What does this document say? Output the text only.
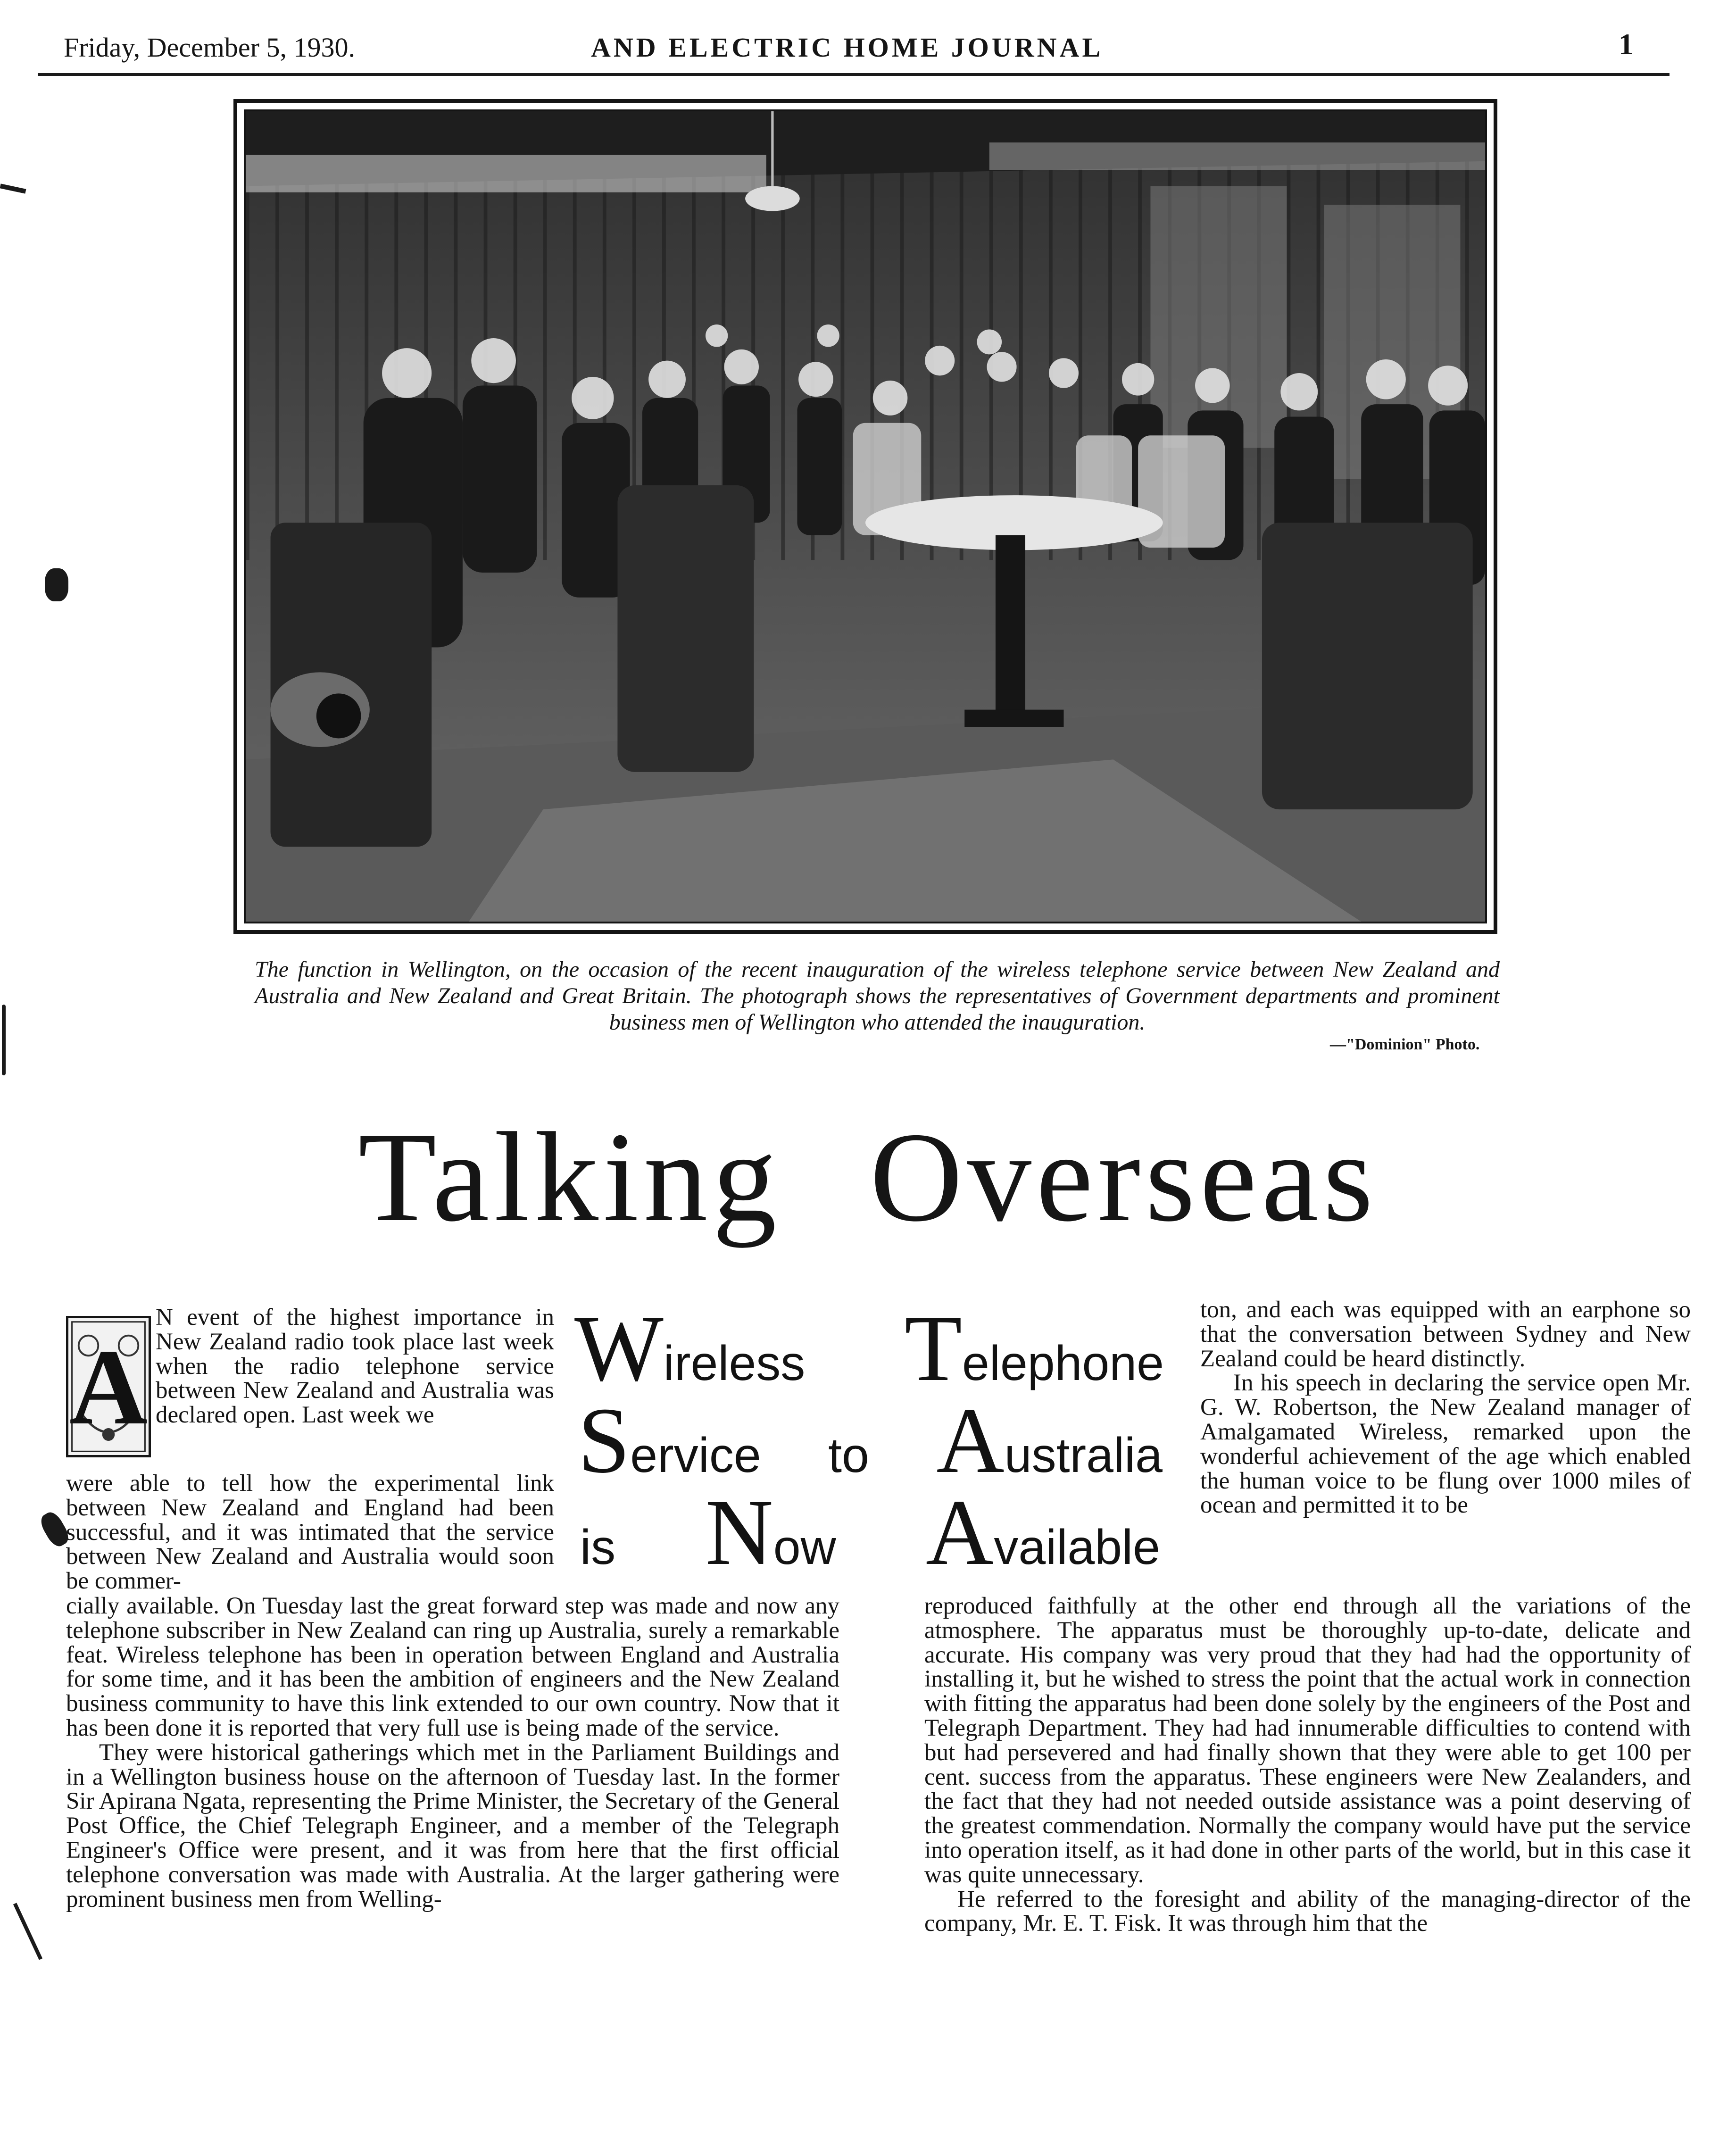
Friday, December 5, 1930.	AND ELECTRIC HOME JOURNAL	1
The function in Wellington, on the occasion of the recent inauguration of the wireless telephone service between New Zealand and Australia and New Zealand and Great Britain. The photograph shows the representatives of Government departments and prominent business men of Wellington who attended the inauguration.
—"Dominion" Photo.
Talking Overseas
Wireless Telephone
Service to Australia
is Now Available
A

N event of the highest importance in New Zealand radio took place last week when the radio telephone service between New Zealand and Australia was declared open. Last week we

were able to tell how the experimental link between New Zealand and England had been successful, and it was intimated that the service between New Zealand and Australia would soon be commer-

cially available. On Tuesday last the great forward step was made and now any telephone subscriber in New Zealand can ring up Australia, surely a remarkable feat. Wireless telephone has been in operation between England and Australia for some time, and it has been the ambition of engineers and the New Zealand business community to have this link extended to our own country. Now that it has been done it is reported that very full use is being made of the service.

They were historical gatherings which met in the Parliament Buildings and in a Wellington business house on the afternoon of Tuesday last. In the former Sir Apirana Ngata, representing the Prime Minister, the Secretary of the General Post Office, the Chief Telegraph Engineer, and a member of the Telegraph Engineer's Office were present, and it was from here that the first official telephone conversation was made with Australia. At the larger gathering were prominent business men from Welling-

ton, and each was equipped with an earphone so that the conversation between Sydney and New Zealand could be heard distinctly.

In his speech in declaring the service open Mr. G. W. Robertson, the New Zealand manager of Amalgamated Wireless, remarked upon the wonderful achievement of the age which enabled the human voice to be flung over 1000 miles of ocean and permitted it to be

reproduced faithfully at the other end through all the variations of the atmosphere. The apparatus must be thoroughly up-to-date, delicate and accurate. His company was very proud that they had had the opportunity of installing it, but he wished to stress the point that the actual work in connection with fitting the apparatus had been done solely by the engineers of the Post and Telegraph Department. They had had innumerable difficulties to contend with but had persevered and had finally shown that they were able to get 100 per cent. success from the apparatus. These engineers were New Zealanders, and the fact that they had not needed outside assistance was a point deserving of the greatest commendation. Normally the company would have put the service into operation itself, as it had done in other parts of the world, but in this case it was quite unnecessary.

He referred to the foresight and ability of the managing-director of the company, Mr. E. T. Fisk. It was through him that the
